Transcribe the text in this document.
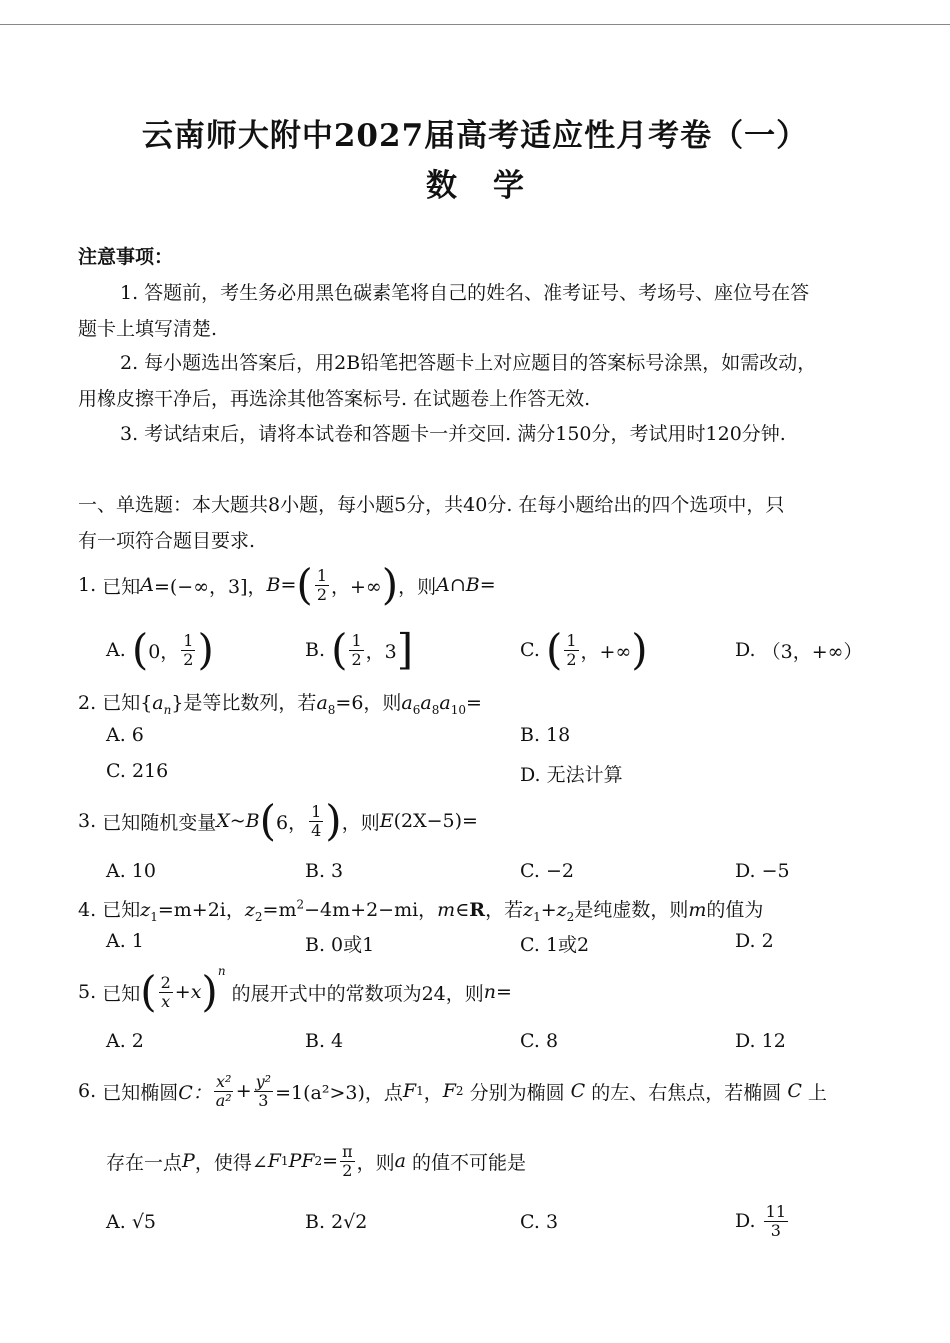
云南师大附中2027届高考适应性月考卷（一）
数学
注意事项：
1. 答题前，考生务必用黑色碳素笔将自己的姓名、准考证号、考场号、座位号在答
题卡上填写清楚.
2. 每小题选出答案后，用2B铅笔把答题卡上对应题目的答案标号涂黑，如需改动，
用橡皮擦干净后，再选涂其他答案标号. 在试题卷上作答无效.
3. 考试结束后，请将本试卷和答题卡一并交回. 满分150分，考试用时120分钟.
一、单选题：本大题共8小题，每小题5分，共40分. 在每小题给出的四个选项中，只
有一项符合题目要求.
1.
已知 A =(−∞，3]， B = ( $\frac{1}{2}$ ，+∞ ) ，则 A∩B =
A.
( 0， $\frac{1}{2}$ )	B.
( $\frac{1}{2}$ ，3 ]	C.
( $\frac{1}{2}$ ，+∞ )	D.
（3，+∞）
2. 已知$\{a_n\}$是等比数列，若$a_8=6$，则$a_6a_8a_{10}=$
A. 6	B. 18
C. 216	D. 无法计算
3.
已知随机变量 X~B ( 6， $\frac{1}{4}$ ) ，则 E (2X−5)=
A. 10	B. 3	C. −2	D. −5
4. 已知$z_1=m+2i$，$z_2=m^2-4m+2-mi$，m∈R，若$z_1+z_2$是纯虚数，则m的值为
A. 1	B. 0或1	C. 1或2	D. 2
5.
已知 ( $\frac{2}{x} +x$ )$^n$

的展开式中的常数项为24，则 n =
A. 2	B. 4	C. 8	D. 12
6.
已知椭圆 C： $\frac{\text{x²}}{\text{a²}} + \frac{\text{y²}}{3} =1(a^2>3)$，点 F 1 ， F 2
分别为椭圆
C
的左、右焦点，若椭圆
C
上
存在一点 P ，使得∠ F 1 PF $2 = \frac{\pi}{2}$ ，则 a
的值不可能是
A. √5	B. 2√2	C. 3	D.
$\frac{11}{3}$
